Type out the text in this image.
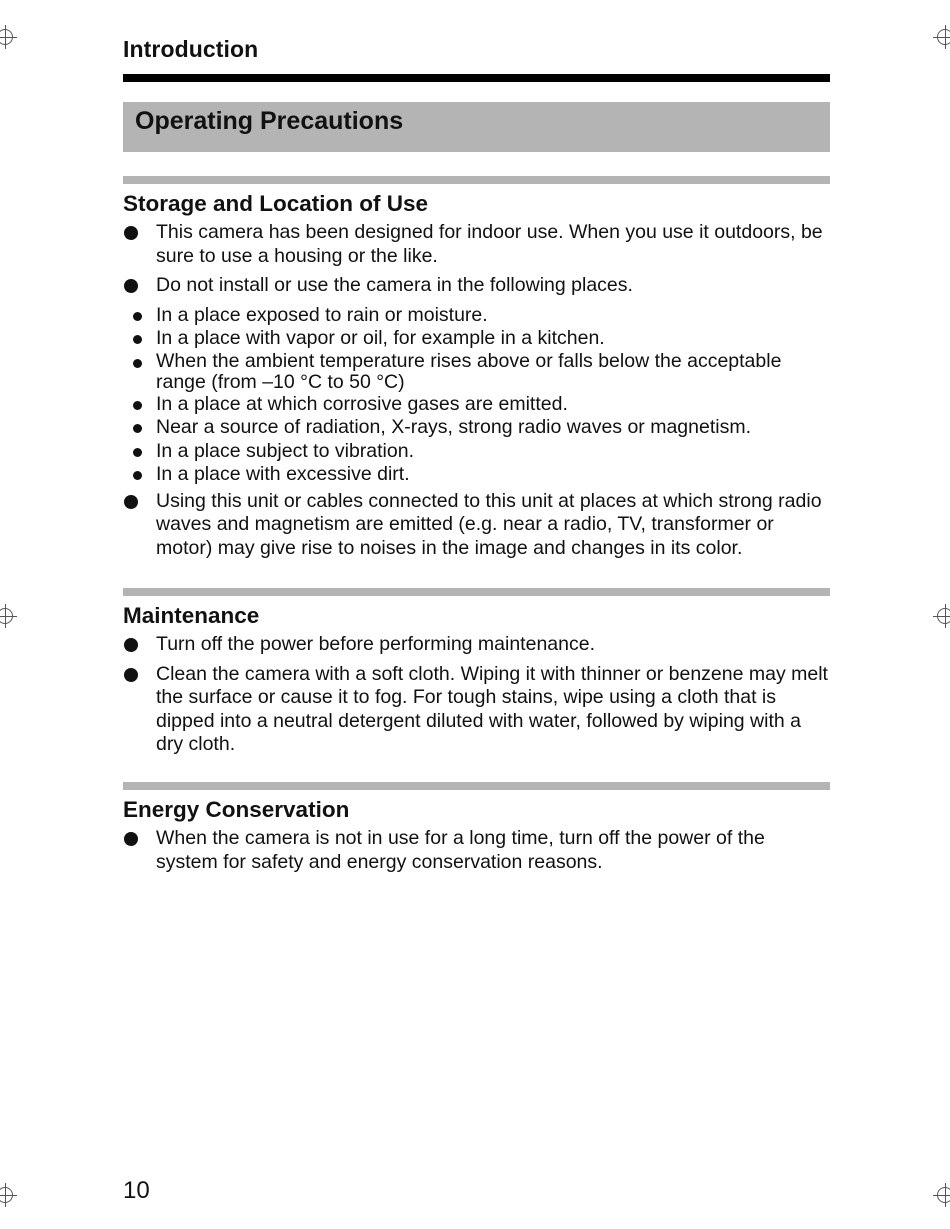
Introduction
Operating Precautions
Storage and Location of Use
This camera has been designed for indoor use. When you use it outdoors, be sure to use a housing or the like.
Do not install or use the camera in the following places.
In a place exposed to rain or moisture.
In a place with vapor or oil, for example in a kitchen.
When the ambient temperature rises above or falls below the acceptable range (from –10 °C to 50 °C)
In a place at which corrosive gases are emitted.
Near a source of radiation, X-rays, strong radio waves or magnetism.
In a place subject to vibration.
In a place with excessive dirt.
Using this unit or cables connected to this unit at places at which strong radio waves and magnetism are emitted (e.g. near a radio, TV, transformer or motor) may give rise to noises in the image and changes in its color.
Maintenance
Turn off the power before performing maintenance.
Clean the camera with a soft cloth. Wiping it with thinner or benzene may melt the surface or cause it to fog. For tough stains, wipe using a cloth that is dipped into a neutral detergent diluted with water, followed by wiping with a dry cloth.
Energy Conservation
When the camera is not in use for a long time, turn off the power of the system for safety and energy conservation reasons.
10
